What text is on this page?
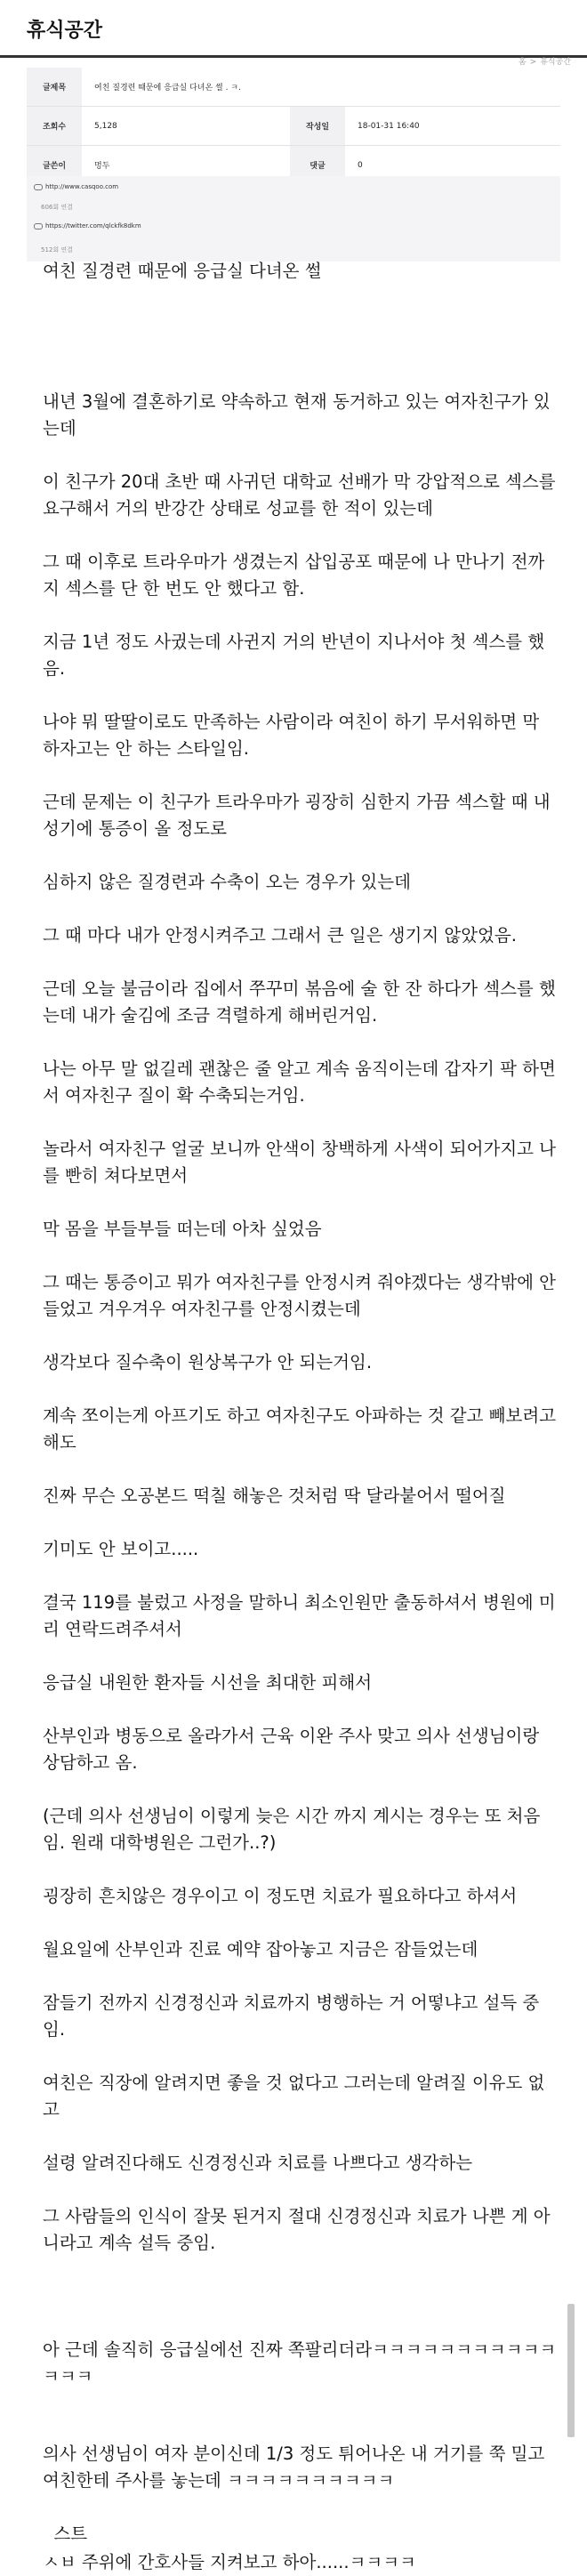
휴식공간
홈 > 휴식공간
글제목	여친 질경련 때문에 응급실 다녀온 썰 . ㅋ.		
조회수	5,128	작성일	18-01-31 16:40
글쓴이	멍두	댓글	0
http://www.casqoo.com
606회 연결
https://twitter.com/qlckfk8dkm
512회 연결

여친 질경련 때문에 응급실 다녀온 썰

내년 3월에 결혼하기로 약속하고 현재 동거하고 있는 여자친구가 있는데

이 친구가 20대 초반 때 사귀던 대학교 선배가 막 강압적으로 섹스를 요구해서 거의 반강간 상태로 성교를 한 적이 있는데

그 때 이후로 트라우마가 생겼는지 삽입공포 때문에 나 만나기 전까지 섹스를 단 한 번도 안 했다고 함.

지금 1년 정도 사귔는데 사귄지 거의 반년이 지나서야 첫 섹스를 했음.

나야 뭐 딸딸이로도 만족하는 사람이라 여친이 하기 무서워하면 막 하자고는 안 하는 스타일임.

근데 문제는 이 친구가 트라우마가 굉장히 심한지 가끔 섹스할 때 내 성기에 통증이 올 정도로

심하지 않은 질경련과 수축이 오는 경우가 있는데

그 때 마다 내가 안정시켜주고 그래서 큰 일은 생기지 않았었음.

근데 오늘 불금이라 집에서 쭈꾸미 볶음에 술 한 잔 하다가 섹스를 했는데 내가 술김에 조금 격렬하게 해버린거임.

나는 아무 말 없길레 괜찮은 줄 알고 계속 움직이는데 갑자기 팍 하면서 여자친구 질이 확 수축되는거임.

놀라서 여자친구 얼굴 보니까 안색이 창백하게 사색이 되어가지고 나를 빤히 쳐다보면서

막 몸을 부들부들 떠는데 아차 싶었음

그 때는 통증이고 뭐가 여자친구를 안정시켜 줘야겠다는 생각밖에 안 들었고 겨우겨우 여자친구를 안정시켰는데

생각보다 질수축이 원상복구가 안 되는거임.

계속 쪼이는게 아프기도 하고 여자친구도 아파하는 것 같고 빼보려고 해도

진짜 무슨 오공본드 떡칠 해놓은 것처럼 딱 달라붙어서 떨어질

기미도 안 보이고.....

결국 119를 불렀고 사정을 말하니 최소인원만 출동하셔서 병원에 미리 연락드려주셔서

응급실 내원한 환자들 시선을 최대한 피해서

산부인과 병동으로 올라가서 근육 이완 주사 맞고 의사 선생님이랑 상담하고 옴.

(근데 의사 선생님이 이렇게 늦은 시간 까지 계시는 경우는 또 처음임. 원래 대학병원은 그런가..?)

굉장히 흔치않은 경우이고 이 정도면 치료가 필요하다고 하셔서

월요일에 산부인과 진료 예약 잡아놓고 지금은 잠들었는데

잠들기 전까지 신경정신과 치료까지 병행하는 거 어떻냐고 설득 중임.

여친은 직장에 알려지면 좋을 것 없다고 그러는데 알려질 이유도 없고

설령 알려진다해도 신경정신과 치료를 나쁘다고 생각하는

그 사람들의 인식이 잘못 된거지 절대 신경정신과 치료가 나쁜 게 아니라고 계속 설득 중임.

아 근데 솔직히 응급실에선 진짜 쪽팔리더라ㅋㅋㅋㅋㅋㅋㅋㅋㅋㅋㅋㅋㅋㅋ

의사 선생님이 여자 분이신데 1/3 정도 튀어나온 내 거기를 쭉 밀고 여친한테 주사를 놓는데 ㅋㅋㅋㅋㅋㅋㅋㅋㅋㅋ

스트

ㅅㅂ 주위에 간호사들 지켜보고 하아......ㅋㅋㅋㅋ
